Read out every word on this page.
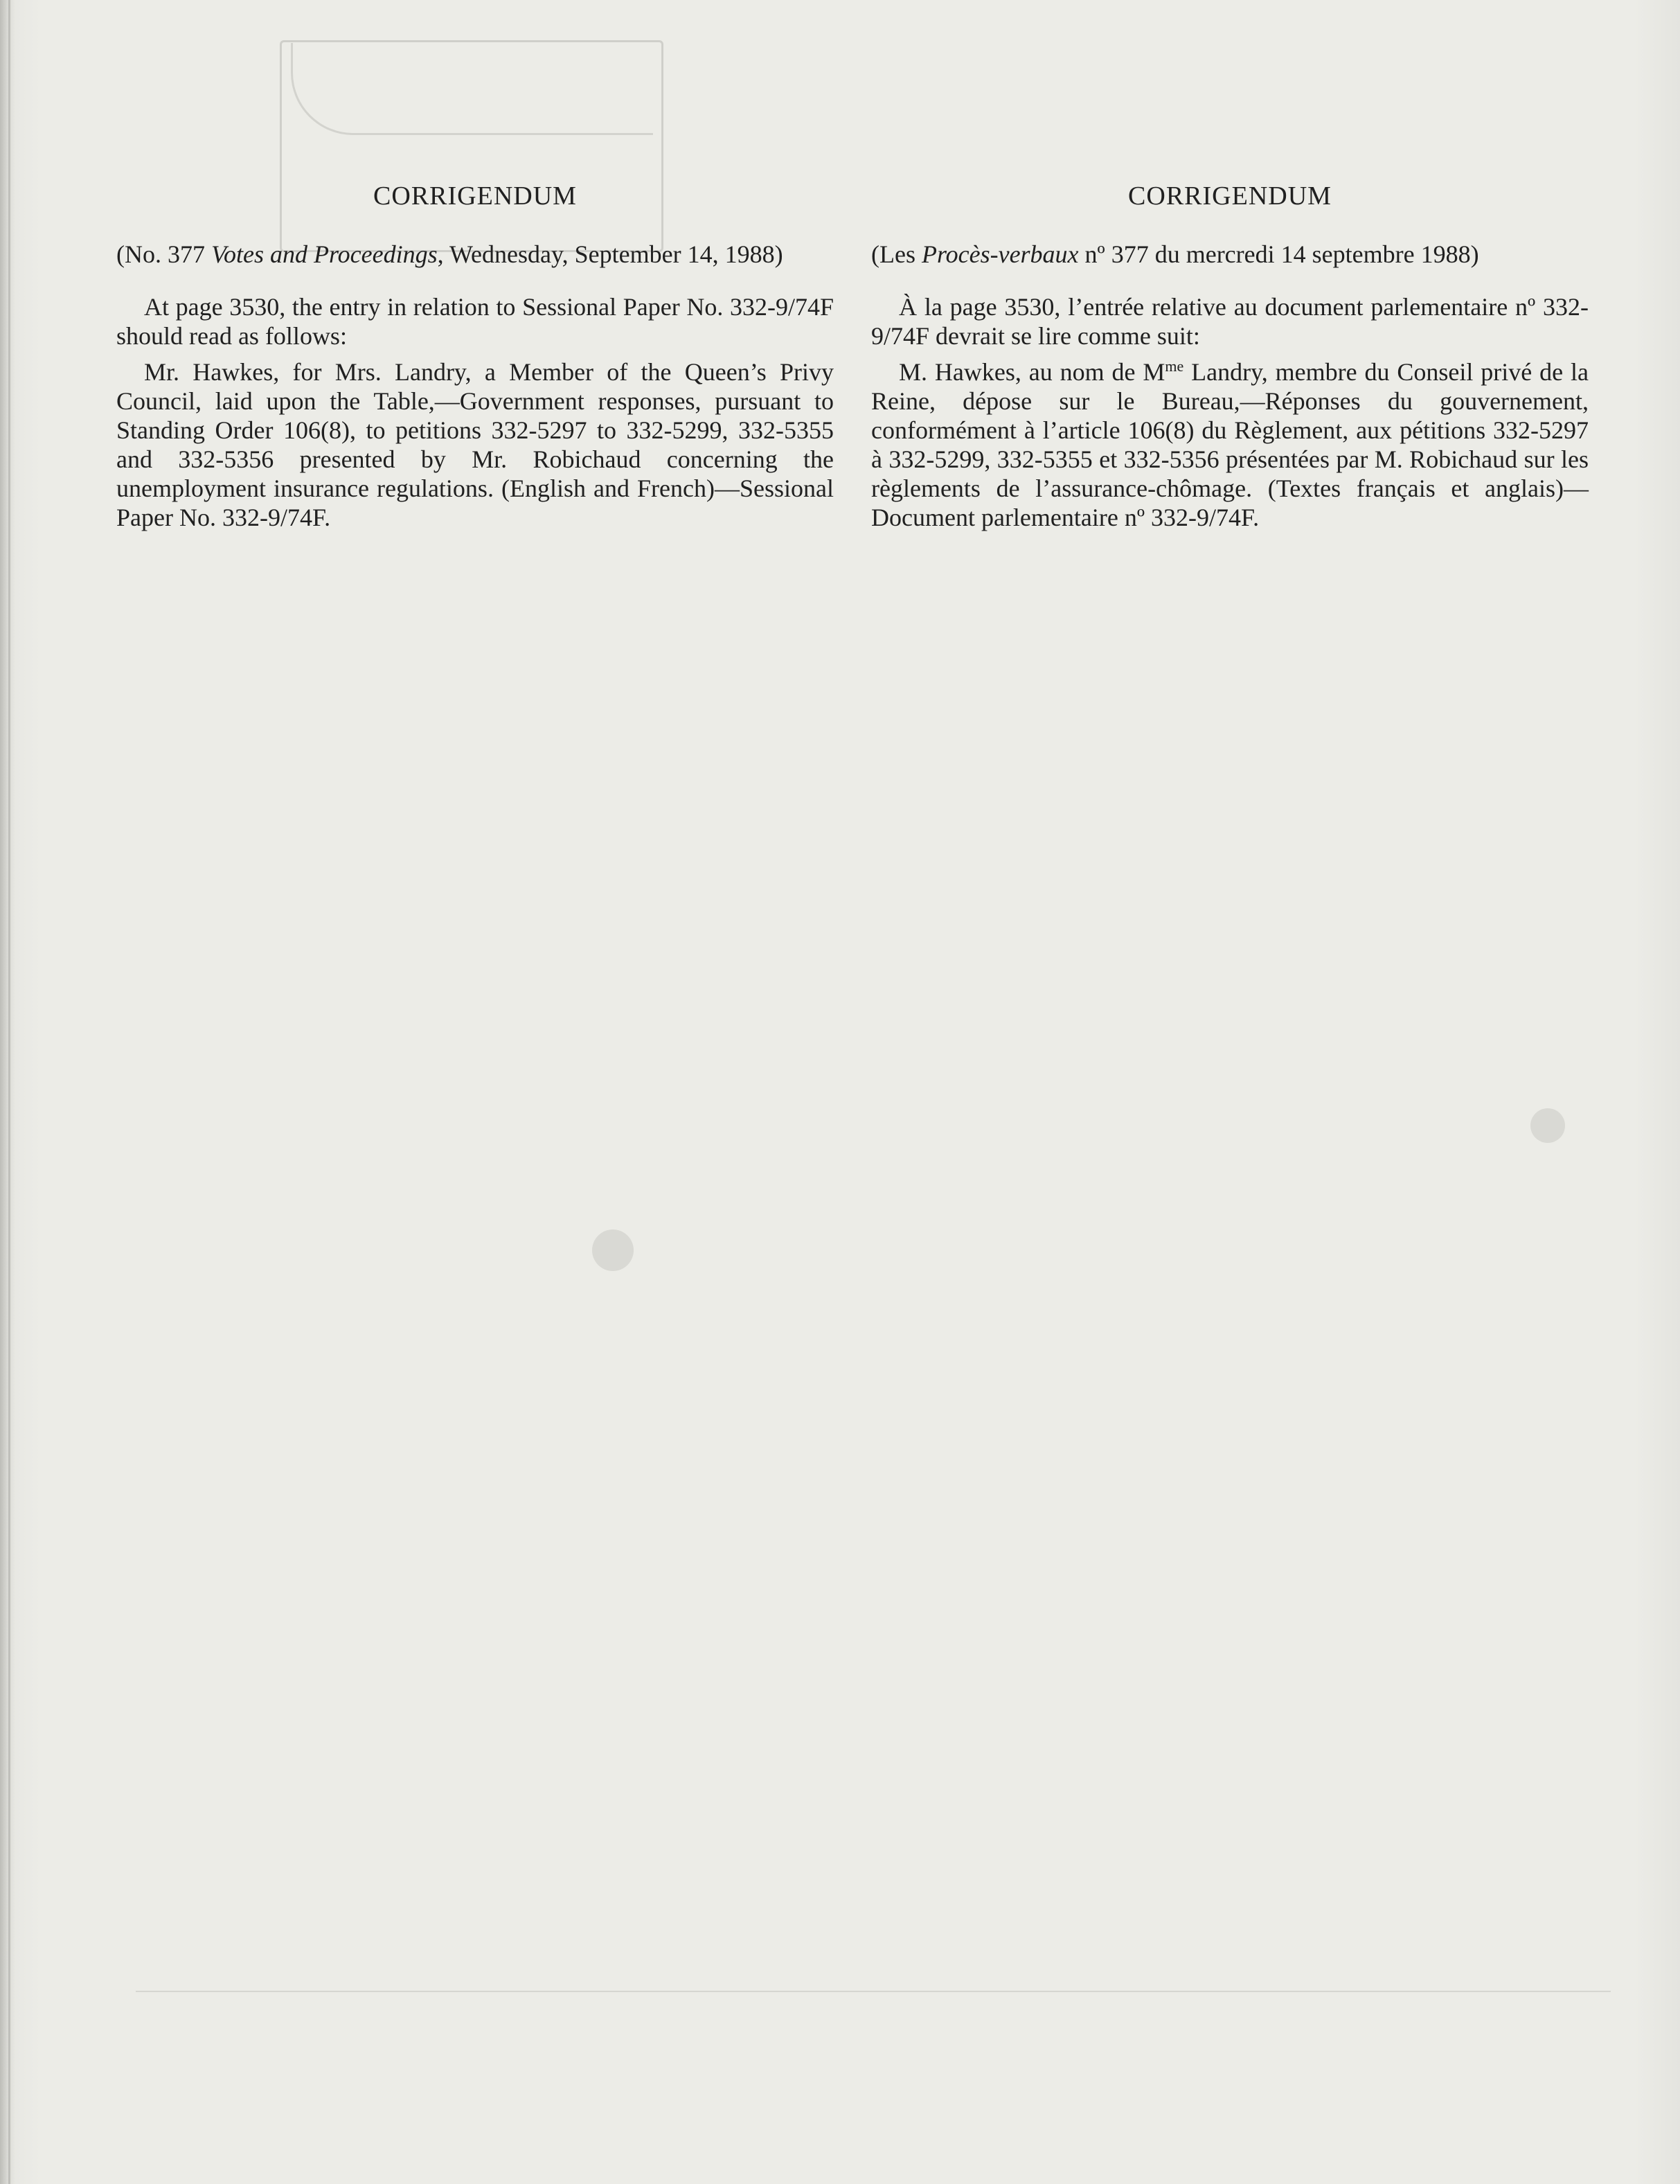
CORRIGENDUM
(No. 377 Votes and Proceedings, Wednesday, September 14, 1988)
At page 3530, the entry in relation to Sessional Paper No. 332-9/74F should read as follows:
Mr. Hawkes, for Mrs. Landry, a Member of the Queen’s Privy Council, laid upon the Table,—Government responses, pursuant to Standing Order 106(8), to petitions 332-5297 to 332-5299, 332-5355 and 332-5356 presented by Mr. Robichaud concerning the unemployment insurance regulations. (English and French)—Sessional Paper No. 332-9/74F.
CORRIGENDUM
(Les Procès-verbaux nº 377 du mercredi 14 septembre 1988)
À la page 3530, l’entrée relative au document parlementaire nº 332-9/74F devrait se lire comme suit:
M. Hawkes, au nom de $M^{me}$ Landry, membre du Conseil privé de la Reine, dépose sur le Bureau,—Réponses du gouvernement, conformément à l’article 106(8) du Règlement, aux pétitions 332-5297 à 332-5299, 332-5355 et 332-5356 présentées par M. Robichaud sur les règlements de l’assurance-chômage. (Textes français et anglais)—Document parlementaire nº 332-9/74F.
